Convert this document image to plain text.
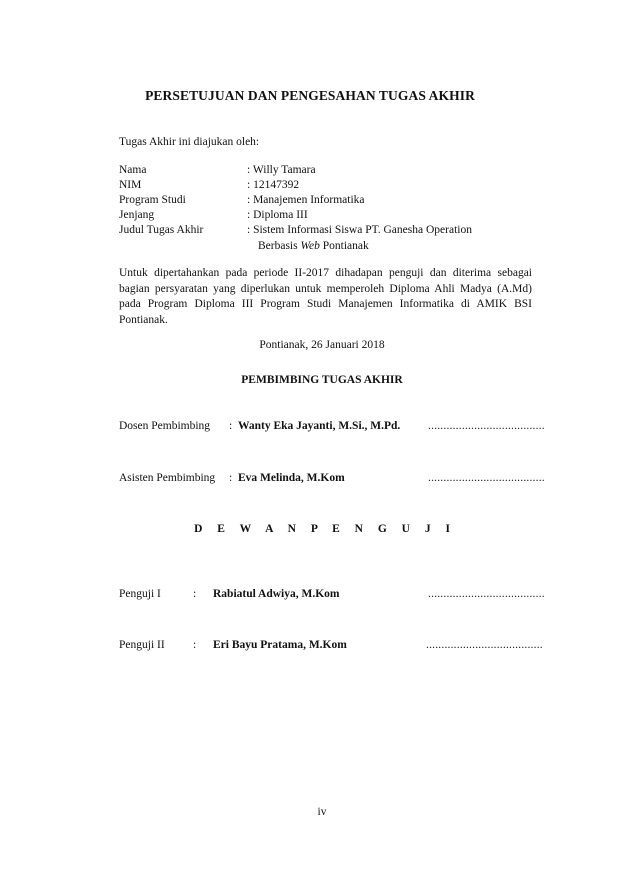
PERSETUJUAN DAN PENGESAHAN TUGAS AKHIR
Tugas Akhir ini diajukan oleh:
Nama	: Willy Tamara
NIM	: 12147392
Program Studi	: Manajemen Informatika
Jenjang	: Diploma III
Judul Tugas Akhir	: Sistem Informasi Siswa PT. Ganesha Operation
Berbasis Web Pontianak
Untuk dipertahankan pada periode II-2017 dihadapan penguji dan diterima sebagai bagian persyaratan yang diperlukan untuk memperoleh Diploma Ahli Madya (A.Md) pada Program Diploma III Program Studi Manajemen Informatika di AMIK BSI Pontianak.
Pontianak, 26 Januari 2018
PEMBIMBING TUGAS AKHIR
Dosen Pembimbing : Wanty Eka Jayanti, M.Si., M.Pd. ......................................
Asisten Pembimbing : Eva Melinda, M.Kom	......................................
D E W A N P E N G U J I
Penguji I	: Rabiatul Adwiya, M.Kom	......................................
Penguji II : Eri Bayu Pratama, M.Kom	......................................
iv
